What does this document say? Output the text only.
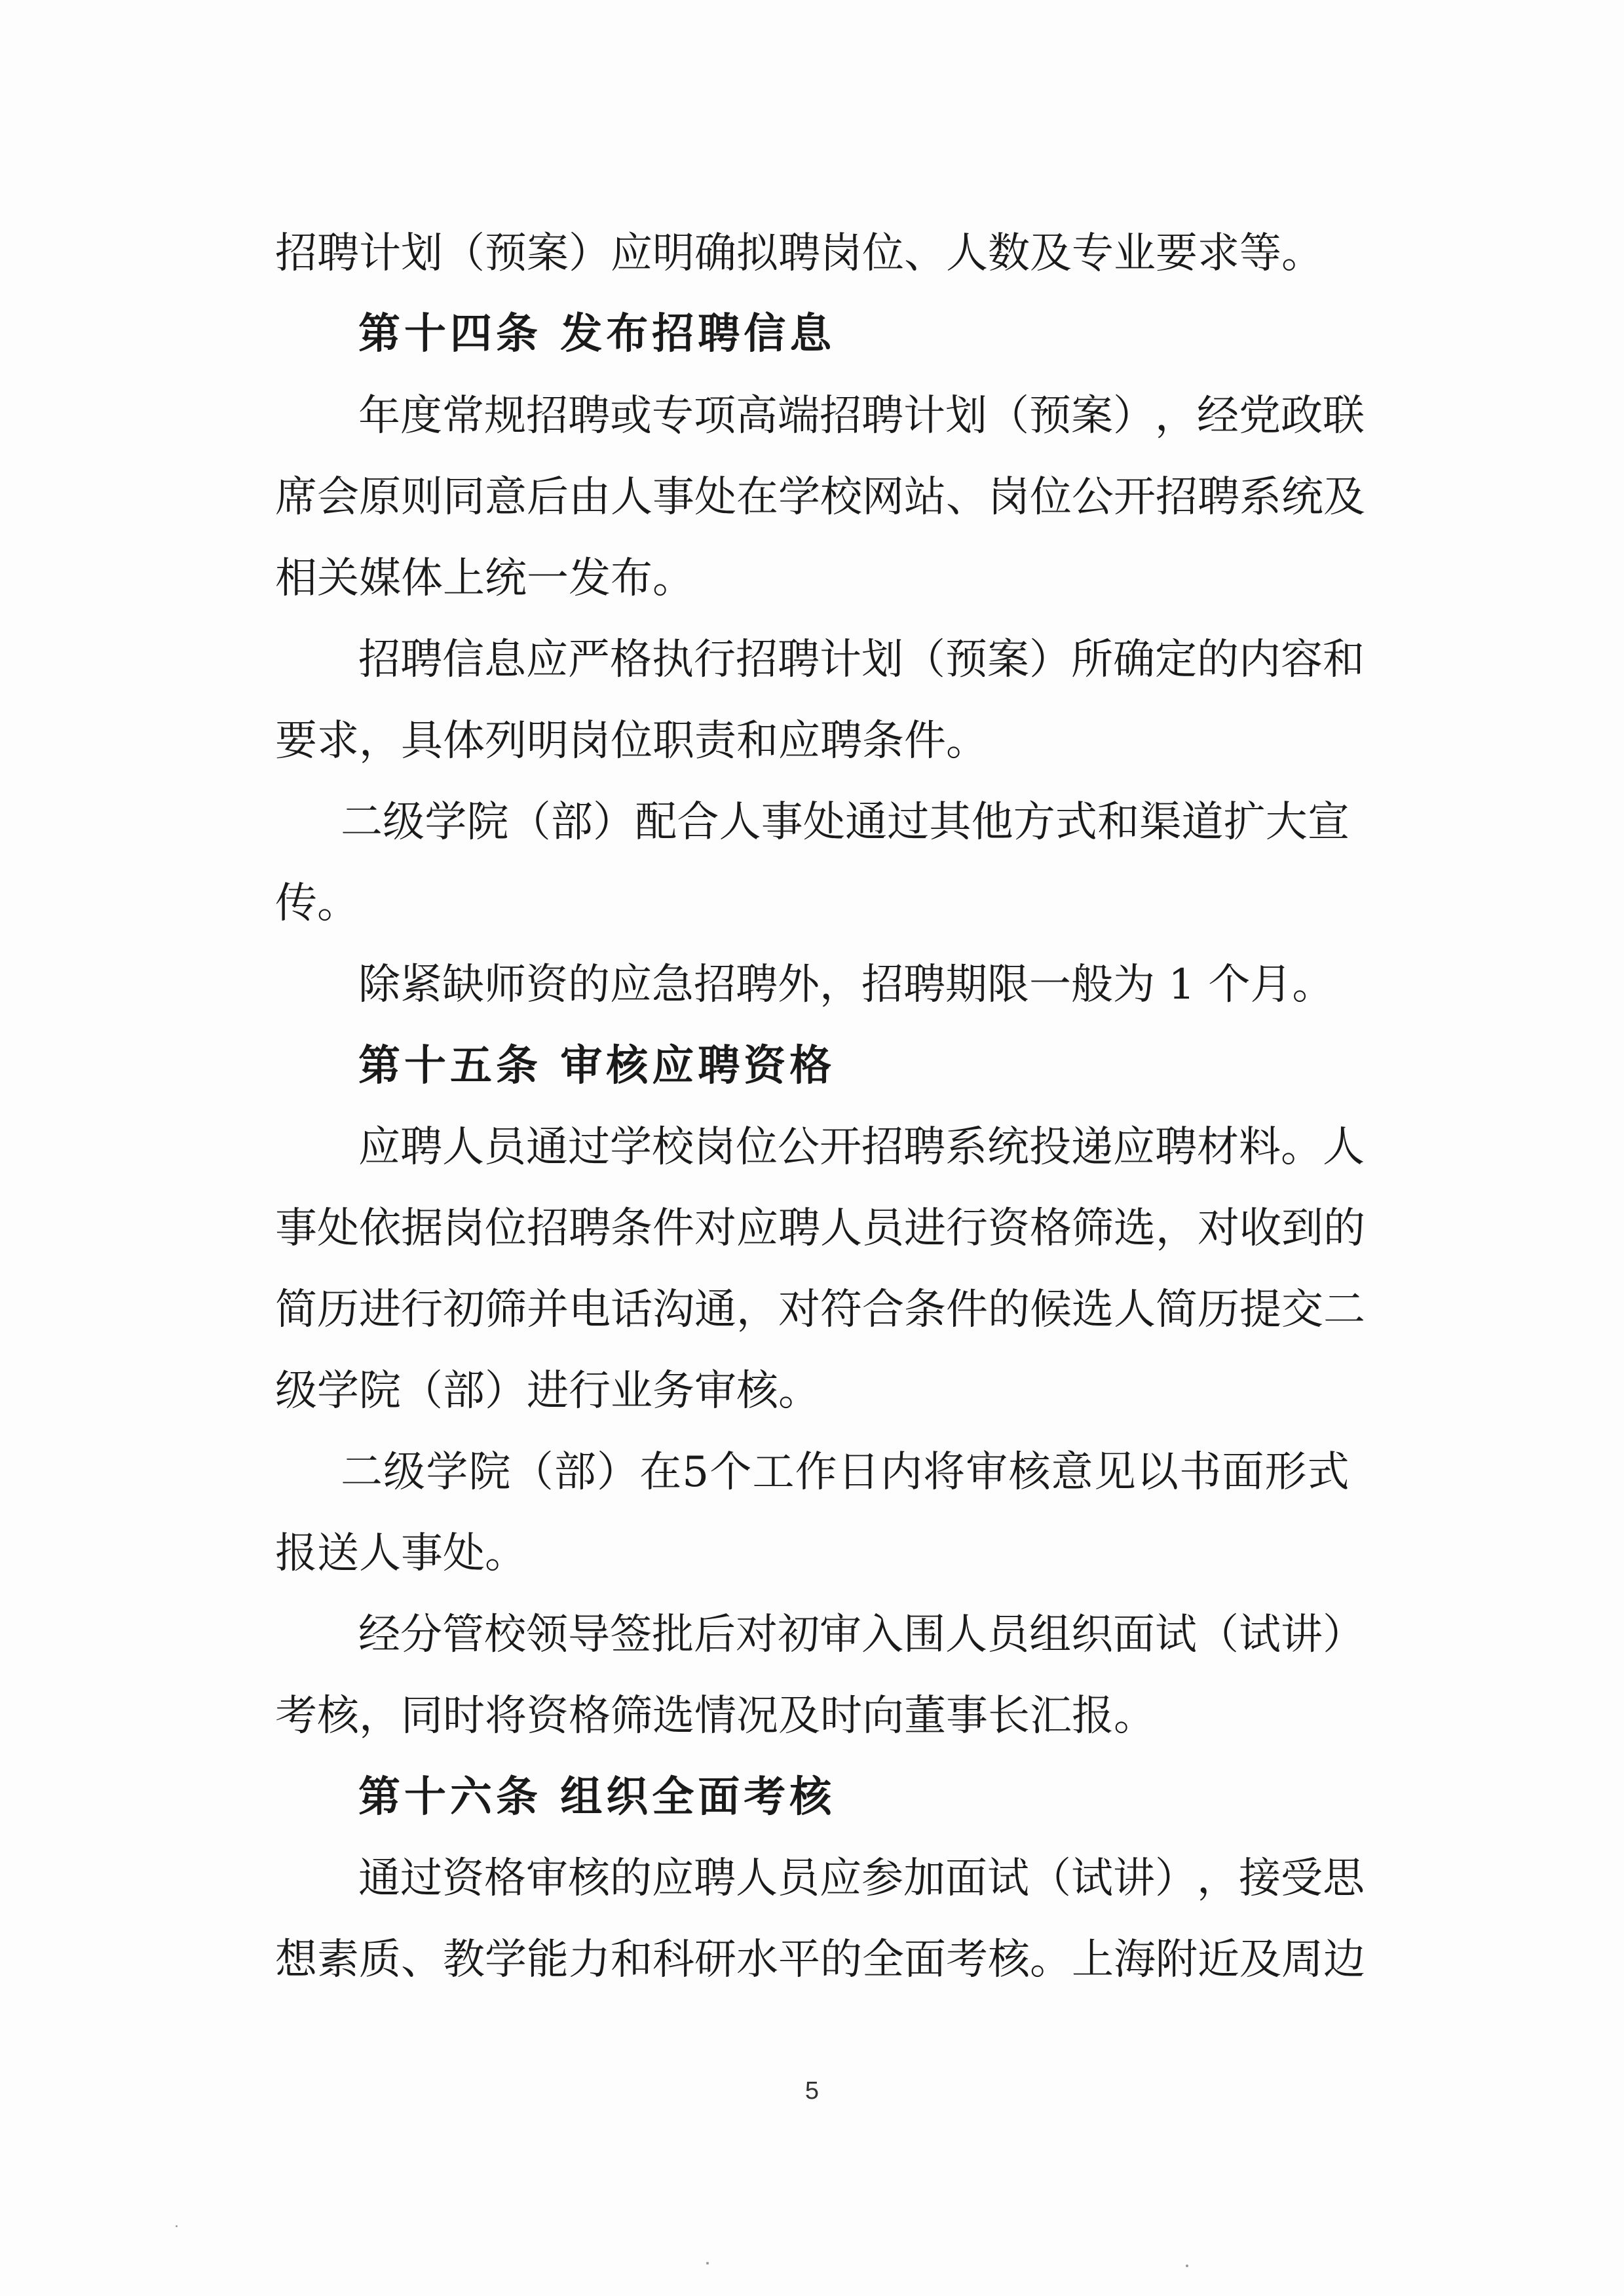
招聘计划（预案）应明确拟聘岗位、人数及专业要求等。
第十四条 发布招聘信息
年 度 常 规 招 聘 或 专 项 高 端 招 聘 计 划 （ 预 案 ） ， 经 党 政 联
席 会 原 则 同 意 后 由 人 事 处 在 学 校 网 站 、 岗 位 公 开 招 聘 系 统 及
相关媒体上统一发布。
招 聘 信 息 应 严 格 执 行 招 聘 计 划 （ 预 案 ） 所 确 定 的 内 容 和
要求，具体列明岗位职责和应聘条件。
二 级 学 院 （ 部 ） 配 合 人 事 处 通 过 其 他 方 式 和 渠 道 扩 大 宣
传。
除紧缺师资的应急招聘外，招聘期限一般为 1 个月。
第十五条 审核应聘资格
应 聘 人 员 通 过 学 校 岗 位 公 开 招 聘 系 统 投 递 应 聘 材 料 。 人
事 处 依 据 岗 位 招 聘 条 件 对 应 聘 人 员 进 行 资 格 筛 选 ， 对 收 到 的
简 历 进 行 初 筛 并 电 话 沟 通 ， 对 符 合 条 件 的 候 选 人 简 历 提 交 二
级学院（部）进行业务审核。
二 级 学 院 （ 部 ） 在 5 个 工 作 日 内 将 审 核 意 见 以 书 面 形 式
报送人事处。
经 分 管 校 领 导 签 批 后 对 初 审 入 围 人 员 组 织 面 试 （ 试 讲 ）
考核，同时将资格筛选情况及时向董事长汇报。
第十六条 组织全面考核
通 过 资 格 审 核 的 应 聘 人 员 应 参 加 面 试 （ 试 讲 ） ， 接 受 思
想 素 质 、 教 学 能 力 和 科 研 水 平 的 全 面 考 核 。 上 海 附 近 及 周 边
5
